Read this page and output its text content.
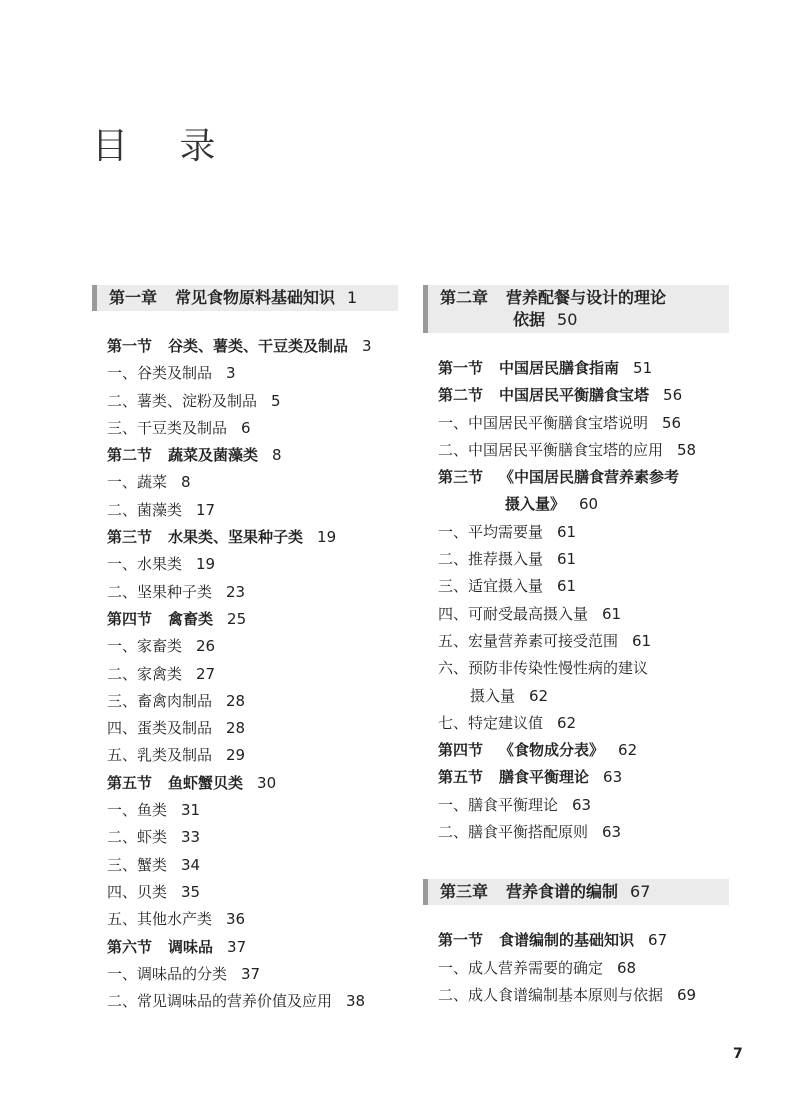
目 录
第一章 常见食物原料基础知识 1
第一节 谷类、薯类、干豆类及制品 3
一、谷类及制品 3
二、薯类、淀粉及制品 5
三、干豆类及制品 6
第二节 蔬菜及菌藻类 8
一、蔬菜 8
二、菌藻类 17
第三节 水果类、坚果种子类 19
一、水果类 19
二、坚果种子类 23
第四节 禽畜类 25
一、家畜类 26
二、家禽类 27
三、畜禽肉制品 28
四、蛋类及制品 28
五、乳类及制品 29
第五节 鱼虾蟹贝类 30
一、鱼类 31
二、虾类 33
三、蟹类 34
四、贝类 35
五、其他水产类 36
第六节 调味品 37
一、调味品的分类 37
二、常见调味品的营养价值及应用 38
第二章 营养配餐与设计的理论
依据 50
第一节 中国居民膳食指南 51
第二节 中国居民平衡膳食宝塔 56
一、中国居民平衡膳食宝塔说明 56
二、中国居民平衡膳食宝塔的应用 58
第三节 《中国居民膳食营养素参考
摄入量》 60
一、平均需要量 61
二、推荐摄入量 61
三、适宜摄入量 61
四、可耐受最高摄入量 61
五、宏量营养素可接受范围 61
六、预防非传染性慢性病的建议
摄入量 62
七、特定建议值 62
第四节 《食物成分表》 62
第五节 膳食平衡理论 63
一、膳食平衡理论 63
二、膳食平衡搭配原则 63
第三章 营养食谱的编制 67
第一节 食谱编制的基础知识 67
一、成人营养需要的确定 68
二、成人食谱编制基本原则与依据 69
7
